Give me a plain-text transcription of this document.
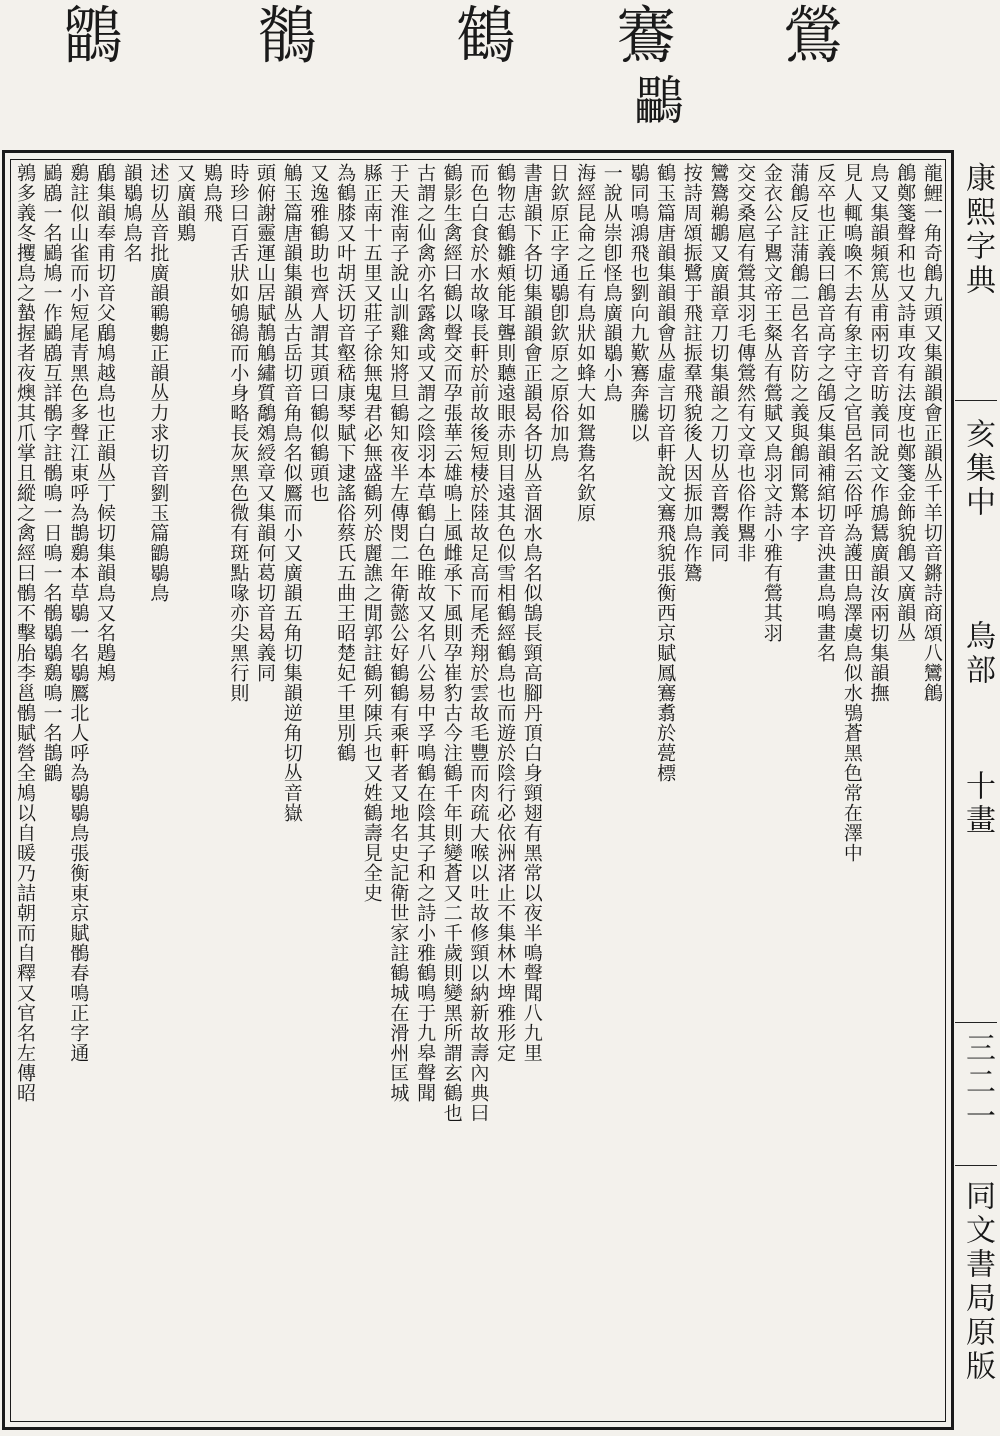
鶯
鶱
鸓
鶴
鶺
鶹
龍鯉一角奇鶬九頭又集韻韻會正韻丛千羊切音鏘詩商頌八鸞鶬
鶬鄭箋聲和也又詩車攻有法度也鄭箋金飾貌鶬又廣韻丛
鳥又集韻頻篤丛甫兩切音昉義同說文作鴋鵟廣韻汝兩切集韻撫
見人輒鳴喚不去有象主守之官邑名云俗呼為護田鳥澤虞鳥似水鴞蒼黑色常在澤中
反卒也正義曰鶬音高字之鵮反集韻補綰切音泱畫鳥鳴畫名
蒲鶬反註蒲鶬二邑名音防之義與鶬同驚本字
金衣公子鸎文帝王粲丛有鶯賦又鳥羽文詩小雅有鶯其羽
交交桑扈有鶯其羽毛傳鶯然有文章也俗作鸎非
鸞鷟鵜鶘又廣韻章刀切集韻之刀切丛音鬻義同
按詩周頌振鷺于飛註振羣飛貌後人因振加鳥作鷟
鶴玉篇唐韻集韻韻會丛虛言切音軒說文鶱飛貌張衡西京賦鳳鶱翥於甍標
鶡同鳴鴻飛也劉向九歎鶱奔騰以
一說从崇卽怪鳥廣韻鶡小鳥
海經昆侖之丘有鳥狀如蜂大如鴛鴦名欽原
日欽原正字通鶡卽欽原之原俗加鳥
書唐韻下各切集韻韻會正韻曷各切丛音涸水鳥名似鵠長頸高腳丹頂白身頸翅有黑常以夜半鳴聲聞八九里
鶴物志鶴雛頰能耳聾則聽遠眼赤則目遠其色似雪相鶴經鶴鳥也而遊於陰行必依洲渚止不集林木埤雅形定
而色白食於水故喙長軒於前故後短棲於陸故足高而尾禿翔於雲故毛豐而肉疏大喉以吐故修頸以納新故壽內典曰
鶴影生禽經曰鶴以聲交而孕張華云雄鳴上風雌承下風則孕崔豹古今注鶴千年則變蒼又二千歲則變黑所謂玄鶴也
古謂之仙禽亦名露禽或又謂之陰羽本草鶴白色睢故又名八公易中孚鳴鶴在陰其子和之詩小雅鶴鳴于九皋聲聞
于天淮南子說山訓雞知將旦鶴知夜半左傳閔二年衛懿公好鶴鶴有乘軒者又地名史記衛世家註鶴城在滑州匡城
縣正南十五里又莊子徐無鬼君必無盛鶴列於麗譙之閒郭註鶴列陳兵也又姓鶴壽見全史
為鶴膝又叶胡沃切音壑嵇康琴賦下逮謠俗蔡氏五曲王昭楚妃千里別鶴
又逸雅鶴助也齊人謂其頭曰鶴似鶴頭也
鵤玉篇唐韻集韻丛古岳切音角鳥名似鷢而小又廣韻五角切集韻逆角切丛音嶽
頭俯謝靈運山居賦鶄鵤繡質鷮鵁綬章又集韻何葛切音曷義同
時珍曰百舌狀如鴝鵒而小身略長灰黑色微有斑點喙亦尖黑行則
鶪鳥飛
又廣韻鶪
述切丛音批廣韻鶤鷜正韻丛力求切音劉玉篇鶹鶡鳥
韻鶡鳩鳥名
鶞集韻奉甫切音父鶞鳩越鳥也正韻丛丁候切集韻鳥又名鶗鴂
鶢註似山雀而小短尾青黑色多聲江東呼為鵲鶢本草鶡一名鶡鷢北人呼為鶡鶡鳥張衡東京賦鶻春鳴正字通
鶌鶋一名鶌鳩一作鶌鶋互詳鶻字註鶻鳴一日鳴一名鶻鶡鶡鶢鳴一名鵲鶹
鶉多義冬攫鳥之蟄握者夜燠其爪掌且縱之禽經曰鶻不擊胎李邕鶻賦營全鳩以自暖乃詰朝而自釋又官名左傳昭	康熙字典
亥集中
鳥部
十畫
三二一
同文書局原版
